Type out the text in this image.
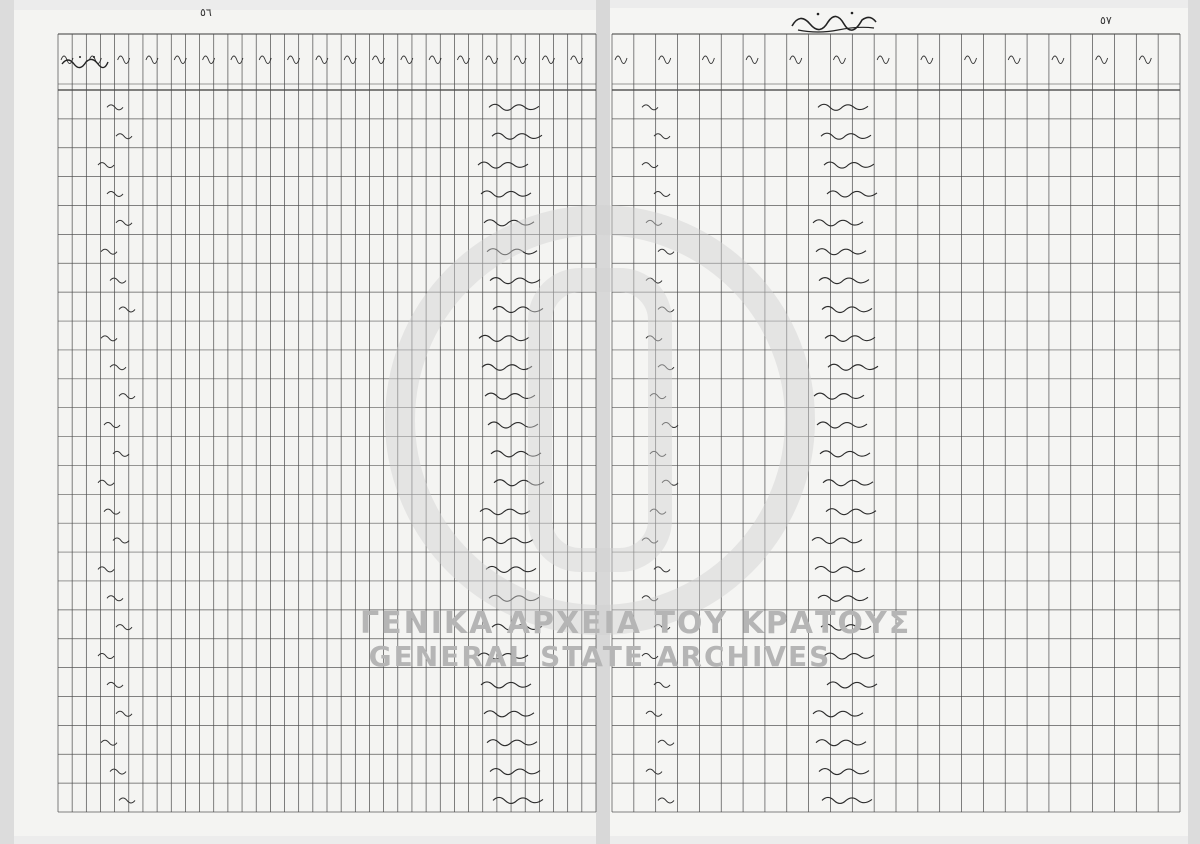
ΓΕΝΙΚΑ ΑΡΧΕΙΑ ΤΟΥ ΚΡΑΤΟΥΣ
GENERAL STATE ARCHIVES
٥٦
٥٧
